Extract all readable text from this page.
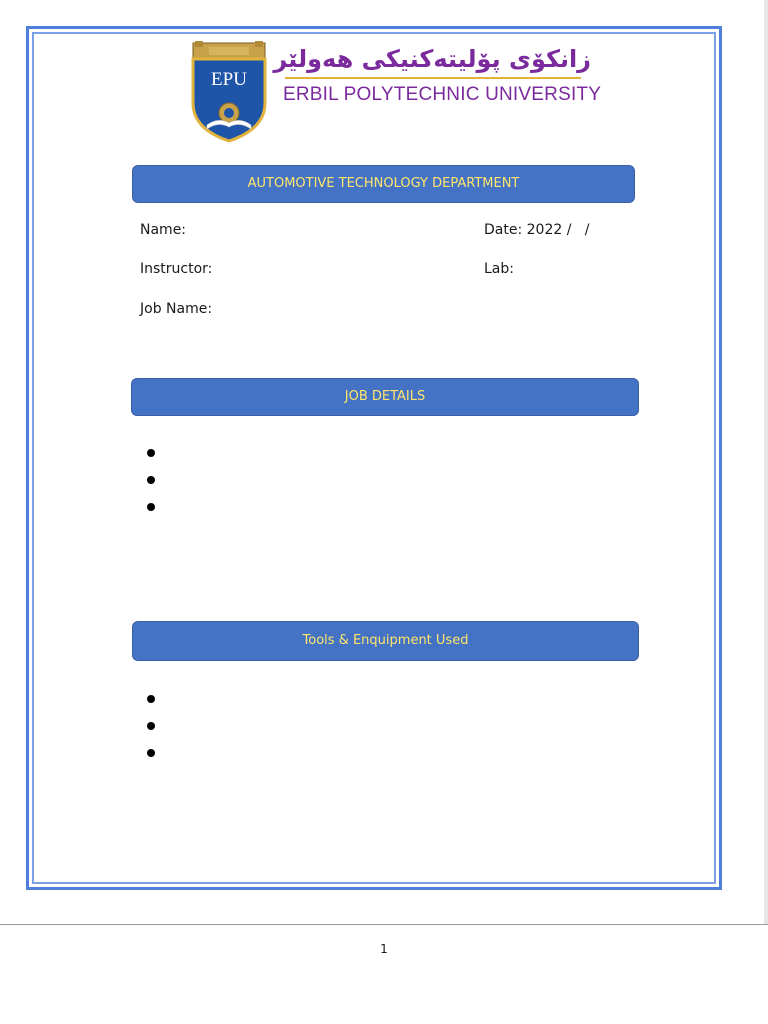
EPU
زانكۆی پۆلیتەكنیكی هەولێر
ERBIL POLYTECHNIC UNIVERSITY
AUTOMOTIVE TECHNOLOGY DEPARTMENT
Name:
Instructor:
Job Name:
Date: 2022 /   /
Lab:
JOB DETAILS
Tools & Enquipment Used
1
